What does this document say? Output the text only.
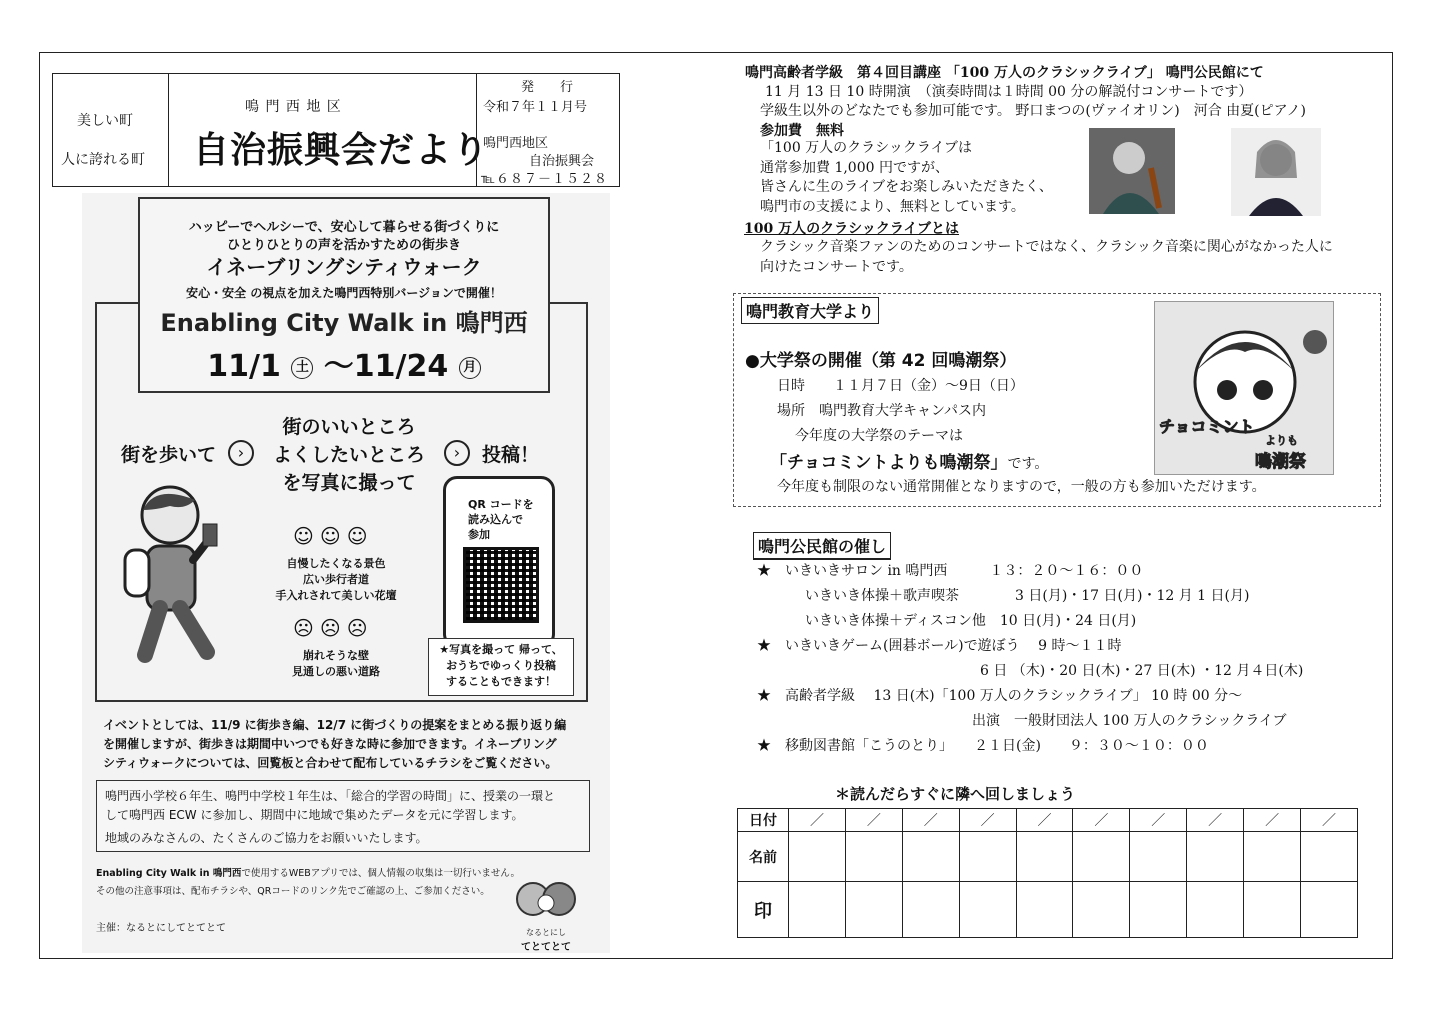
美しい町
人に誇れる町
鳴 門 西 地 区
自治振興会だより
発　　行
令和７年１１月号
鳴門西地区
自治振興会
℡６８７－１５２８
ハッピーでヘルシーで、安心して暮らせる街づくりに
ひとりひとりの声を活かすための街歩き
イネーブリングシティウォーク
安心・安全 の視点を加えた鳴門西特別バージョンで開催！
Enabling City Walk in 鳴門西
11/1 土 ～11/24 月
街を歩いて	›
街のいいところ
よくしたいところ
を写真に撮って
›	投稿！
☺☺☺
自慢したくなる景色
広い歩行者道
手入れされて美しい花壇
☹☹☹
崩れそうな壁
見通しの悪い道路
QR コードを
読み込んで
参加
★写真を撮って 帰って、
おうちでゆっくり投稿
することもできます！
イベントとしては、11/9 に街歩き編、12/7 に街づくりの提案をまとめる振り返り編
を開催しますが、街歩きは期間中いつでも好きな時に参加できます。イネーブリング
シティウォークについては、回覧板と合わせて配布しているチラシをご覧ください。
鳴門西小学校６年生、鳴門中学校１年生は、「総合的学習の時間」に、授業の一環と
して鳴門西 ECW に参加し、期間中に地域で集めたデータを元に学習します。
地域のみなさんの、たくさんのご協力をお願いいたします。
Enabling City Walk in 鳴門西で使用するWEBアプリでは、個人情報の収集は一切行いません。
その他の注意事項は、配布チラシや、QRコードのリンク先でご確認の上、ご参加ください。
主催：なるとにしてとてとて	なるとにし
てとてとて
鳴門高齢者学級　第４回目講座 「100 万人のクラシックライブ」 鳴門公民館にて
11 月 13 日 10 時開演　（演奏時間は１時間 00 分の解説付コンサートです）
学級生以外のどなたでも参加可能です。 野口まつの(ヴァイオリン)　河合 由夏(ピアノ)
参加費　無料
「100 万人のクラシックライブは
通常参加費 1,000 円ですが、
皆さんに生のライブをお楽しみいただきたく、
鳴門市の支援により、無料としています。
100 万人のクラシックライブとは
クラシック音楽ファンのためのコンサートではなく、クラシック音楽に関心がなかった人に
向けたコンサートです。
鳴門教育大学より
●大学祭の開催（第 42 回鳴潮祭）
日時　　１１月７日（金）～9日（日）
場所　鳴門教育大学キャンパス内
今年度の大学祭のテーマは
「チョコミントよりも鳴潮祭」です。
今年度も制限のない通常開催となりますので，一般の方も参加いただけます。
チョコミント
よりも
鳴潮祭
鳴門公民館の催し
★　いきいきサロン in 鳴門西　　　１３：２０～１６：００
いきいき体操＋歌声喫茶　　　　3 日(月)・17 日(月)・12 月 1 日(月)
いきいき体操＋ディスコン他　10 日(月)・24 日(月)
★　いきいきゲーム(囲碁ボール)で遊ぼう　 9 時～１１時
6 日 （木)・20 日(木)・27 日(木) ・12 月４日(木)
★　高齢者学級　 13 日(木)「100 万人のクラシックライブ」 10 時 00 分～
出演　一般財団法人 100 万人のクラシックライブ
★　移動図書館「こうのとり」　　２１日(金)　　９：３０～１０：００
＊読んだらすぐに隣へ回しましょう
日付	／	／	／	／	／	／	／	／	／	／
名前										
印										
